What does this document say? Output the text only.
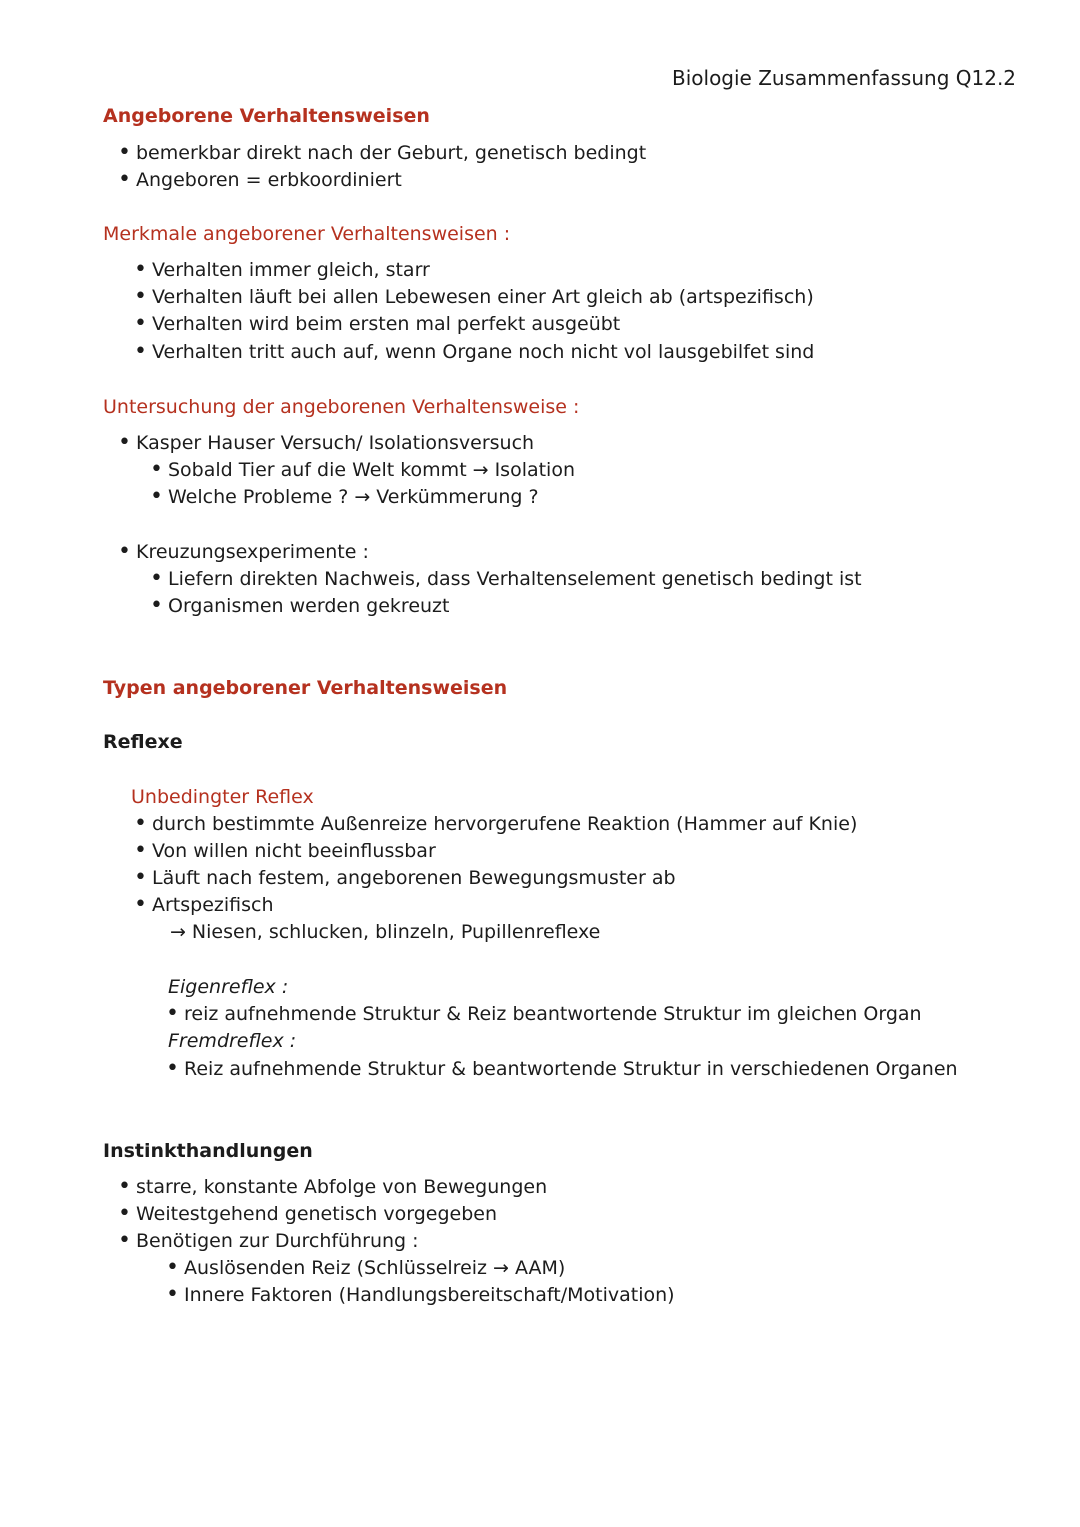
Biologie Zusammenfassung Q12.2
Angeborene Verhaltensweisen
• bemerkbar direkt nach der Geburt, genetisch bedingt
• Angeboren = erbkoordiniert
Merkmale angeborener Verhaltensweisen :
• Verhalten immer gleich, starr
• Verhalten läuft bei allen Lebewesen einer Art gleich ab (artspezifisch)
• Verhalten wird beim ersten mal perfekt ausgeübt
• Verhalten tritt auch auf, wenn Organe noch nicht vol lausgebilfet sind
Untersuchung der angeborenen Verhaltensweise :
• Kasper Hauser Versuch/ Isolationsversuch
• Sobald Tier auf die Welt kommt → Isolation
• Welche Probleme ? → Verkümmerung ?
• Kreuzungsexperimente :
• Liefern direkten Nachweis, dass Verhaltenselement genetisch bedingt ist
• Organismen werden gekreuzt
Typen angeborener Verhaltensweisen
Reflexe
Unbedingter Reflex
• durch bestimmte Außenreize hervorgerufene Reaktion (Hammer auf Knie)
• Von willen nicht beeinflussbar
• Läuft nach festem, angeborenen Bewegungsmuster ab
• Artspezifisch
→ Niesen, schlucken, blinzeln, Pupillenreflexe
Eigenreflex :
• reiz aufnehmende Struktur & Reiz beantwortende Struktur im gleichen Organ
Fremdreflex :
• Reiz aufnehmende Struktur & beantwortende Struktur in verschiedenen Organen
Instinkthandlungen
• starre, konstante Abfolge von Bewegungen
• Weitestgehend genetisch vorgegeben
• Benötigen zur Durchführung :
• Auslösenden Reiz (Schlüsselreiz → AAM)
• Innere Faktoren (Handlungsbereitschaft/Motivation)
